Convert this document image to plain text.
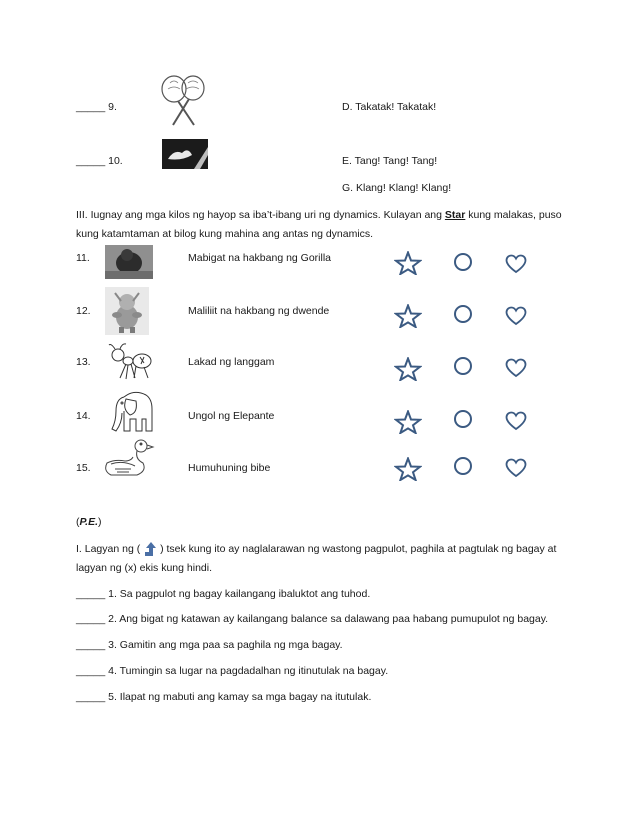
_____ 9.	D. Takatak! Takatak!
_____ 10.	E. Tang! Tang! Tang!
G. Klang! Klang! Klang!
III. Iugnay ang mga kilos ng hayop sa iba’t-ibang uri ng dynamics. Kulayan ang Star kung malakas, puso kung katamtaman at bilog kung mahina ang antas ng dynamics.
11.	Mabigat na hakbang ng Gorilla
12.	Maliliit na hakbang ng dwende
13.	Lakad ng langgam
14.	Ungol ng Elepante
15.	Humuhuning bibe
(P.E.)
I. Lagyan ng ( ) tsek kung ito ay naglalarawan ng wastong pagpulot, paghila at pagtulak ng bagay at lagyan ng (x) ekis kung hindi.
_____ 1. Sa pagpulot ng bagay kailangang ibaluktot ang tuhod.
_____ 2. Ang bigat ng katawan ay kailangang balance sa dalawang paa habang pumupulot ng bagay.
_____ 3. Gamitin ang mga paa sa paghila ng mga bagay.
_____ 4. Tumingin sa lugar na pagdadalhan ng itinutulak na bagay.
_____ 5. Ilapat ng mabuti ang kamay sa mga bagay na itutulak.
